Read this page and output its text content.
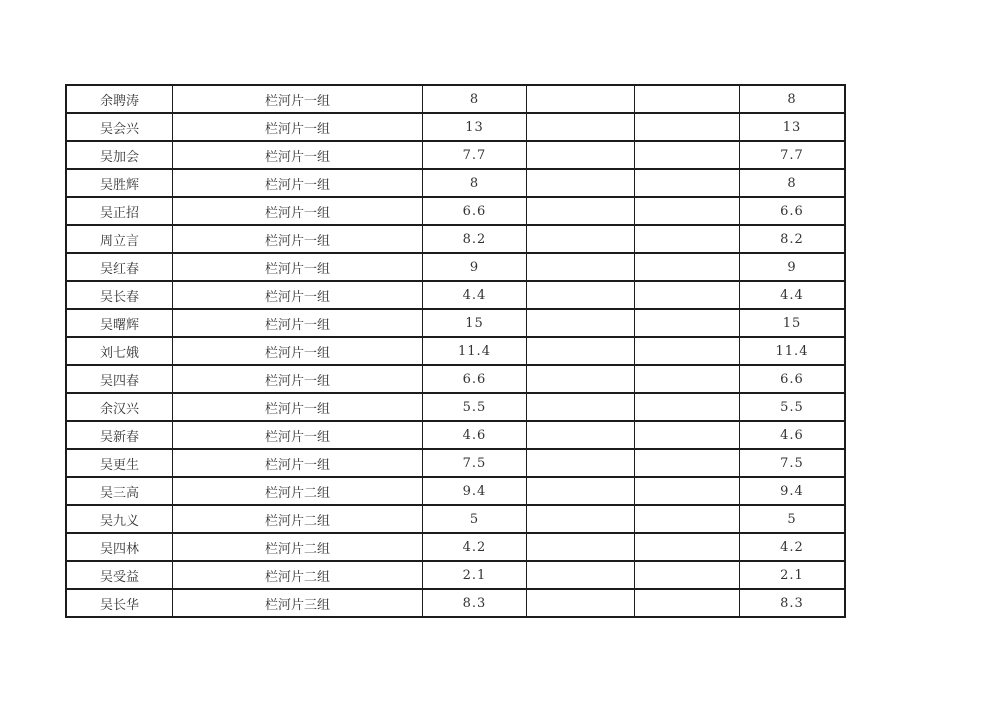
余聘涛	栏河片一组	8			8
吴会兴	栏河片一组	13			13
吴加会	栏河片一组	7.7			7.7
吴胜辉	栏河片一组	8			8
吴正招	栏河片一组	6.6			6.6
周立言	栏河片一组	8.2			8.2
吴红春	栏河片一组	9			9
吴长春	栏河片一组	4.4			4.4
吴曙辉	栏河片一组	15			15
刘七娥	栏河片一组	11.4			11.4
吴四春	栏河片一组	6.6			6.6
余汉兴	栏河片一组	5.5			5.5
吴新春	栏河片一组	4.6			4.6
吴更生	栏河片一组	7.5			7.5
吴三高	栏河片二组	9.4			9.4
吴九义	栏河片二组	5			5
吴四林	栏河片二组	4.2			4.2
吴受益	栏河片二组	2.1			2.1
吴长华	栏河片三组	8.3			8.3
